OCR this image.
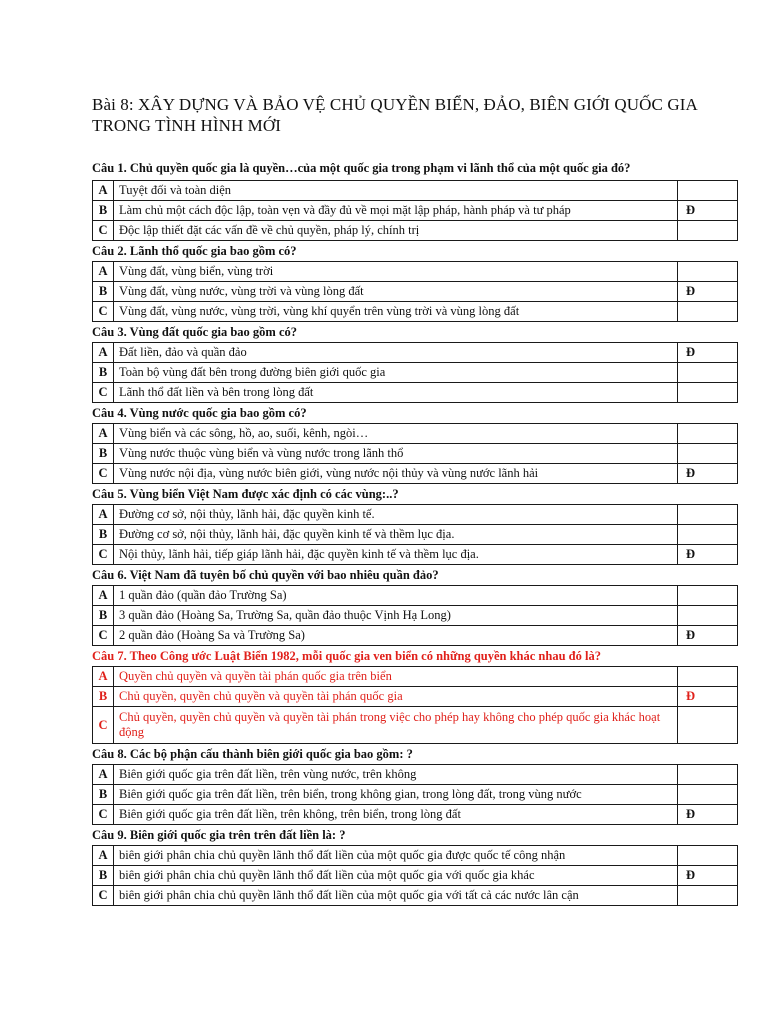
Bài 8: XÂY DỰNG VÀ BẢO VỆ CHỦ QUYỀN BIỂN, ĐẢO, BIÊN GIỚI QUỐC GIA TRONG TÌNH HÌNH MỚI

Câu 1. Chủ quyền quốc gia là quyền…của một quốc gia trong phạm vi lãnh thổ của một quốc gia đó?

A	Tuyệt đối và toàn diện	
B	Làm chủ một cách độc lập, toàn vẹn và đầy đủ về mọi mặt lập pháp, hành pháp và tư pháp	Đ
C	Độc lập thiết đặt các vấn đề về chủ quyền, pháp lý, chính trị	

Câu 2. Lãnh thổ quốc gia bao gồm có?

A	Vùng đất, vùng biển, vùng trời	
B	Vùng đất, vùng nước, vùng trời và vùng lòng đất	Đ
C	Vùng đất, vùng nước, vùng trời, vùng khí quyển trên vùng trời và vùng lòng đất	

Câu 3. Vùng đất quốc gia bao gồm có?

A	Đất liền, đảo và quần đảo	Đ
B	Toàn bộ vùng đất bên trong đường biên giới quốc gia	
C	Lãnh thổ đất liền và bên trong lòng đất	

Câu 4. Vùng nước quốc gia bao gồm có?

A	Vùng biển và các sông, hồ, ao, suối, kênh, ngòi…	
B	Vùng nước thuộc vùng biển và vùng nước trong lãnh thổ	
C	Vùng nước nội địa, vùng nước biên giới, vùng nước nội thủy và vùng nước lãnh hải	Đ

Câu 5. Vùng biển Việt Nam được xác định có các vùng:..?

A	Đường cơ sở, nội thủy, lãnh hải, đặc quyền kinh tế.	
B	Đường cơ sở, nội thủy, lãnh hải, đặc quyền kinh tế và thềm lục địa.	
C	Nội thủy, lãnh hải, tiếp giáp lãnh hải, đặc quyền kinh tế và thềm lục địa.	Đ

Câu 6. Việt Nam đã tuyên bố chủ quyền với bao nhiêu quần đảo?

A	1 quần đảo (quần đảo Trường Sa)	
B	3 quần đảo (Hoàng Sa, Trường Sa, quần đảo thuộc Vịnh Hạ Long)	
C	2 quần đảo (Hoàng Sa và Trường Sa)	Đ

Câu 7. Theo Công ước Luật Biển 1982, mỗi quốc gia ven biển có những quyền khác nhau đó là?

A	Quyền chủ quyền và quyền tài phán quốc gia trên biển	
B	Chủ quyền, quyền chủ quyền và quyền tài phán quốc gia	Đ
C	Chủ quyền, quyền chủ quyền và quyền tài phán trong việc cho phép hay không cho phép quốc gia khác hoạt động	

Câu 8. Các bộ phận cấu thành biên giới quốc gia bao gồm: ?

A	Biên giới quốc gia trên đất liền, trên vùng nước, trên không	
B	Biên giới quốc gia trên đất liền, trên biển, trong không gian, trong lòng đất, trong vùng nước	
C	Biên giới quốc gia trên đất liền, trên không, trên biển, trong lòng đất	Đ

Câu 9. Biên giới quốc gia trên trên đất liền là: ?

A	biên giới phân chia chủ quyền lãnh thổ đất liền của một quốc gia được quốc tế công nhận	
B	biên giới phân chia chủ quyền lãnh thổ đất liền của một quốc gia với quốc gia khác	Đ
C	biên giới phân chia chủ quyền lãnh thổ đất liền của một quốc gia với tất cả các nước lân cận	
